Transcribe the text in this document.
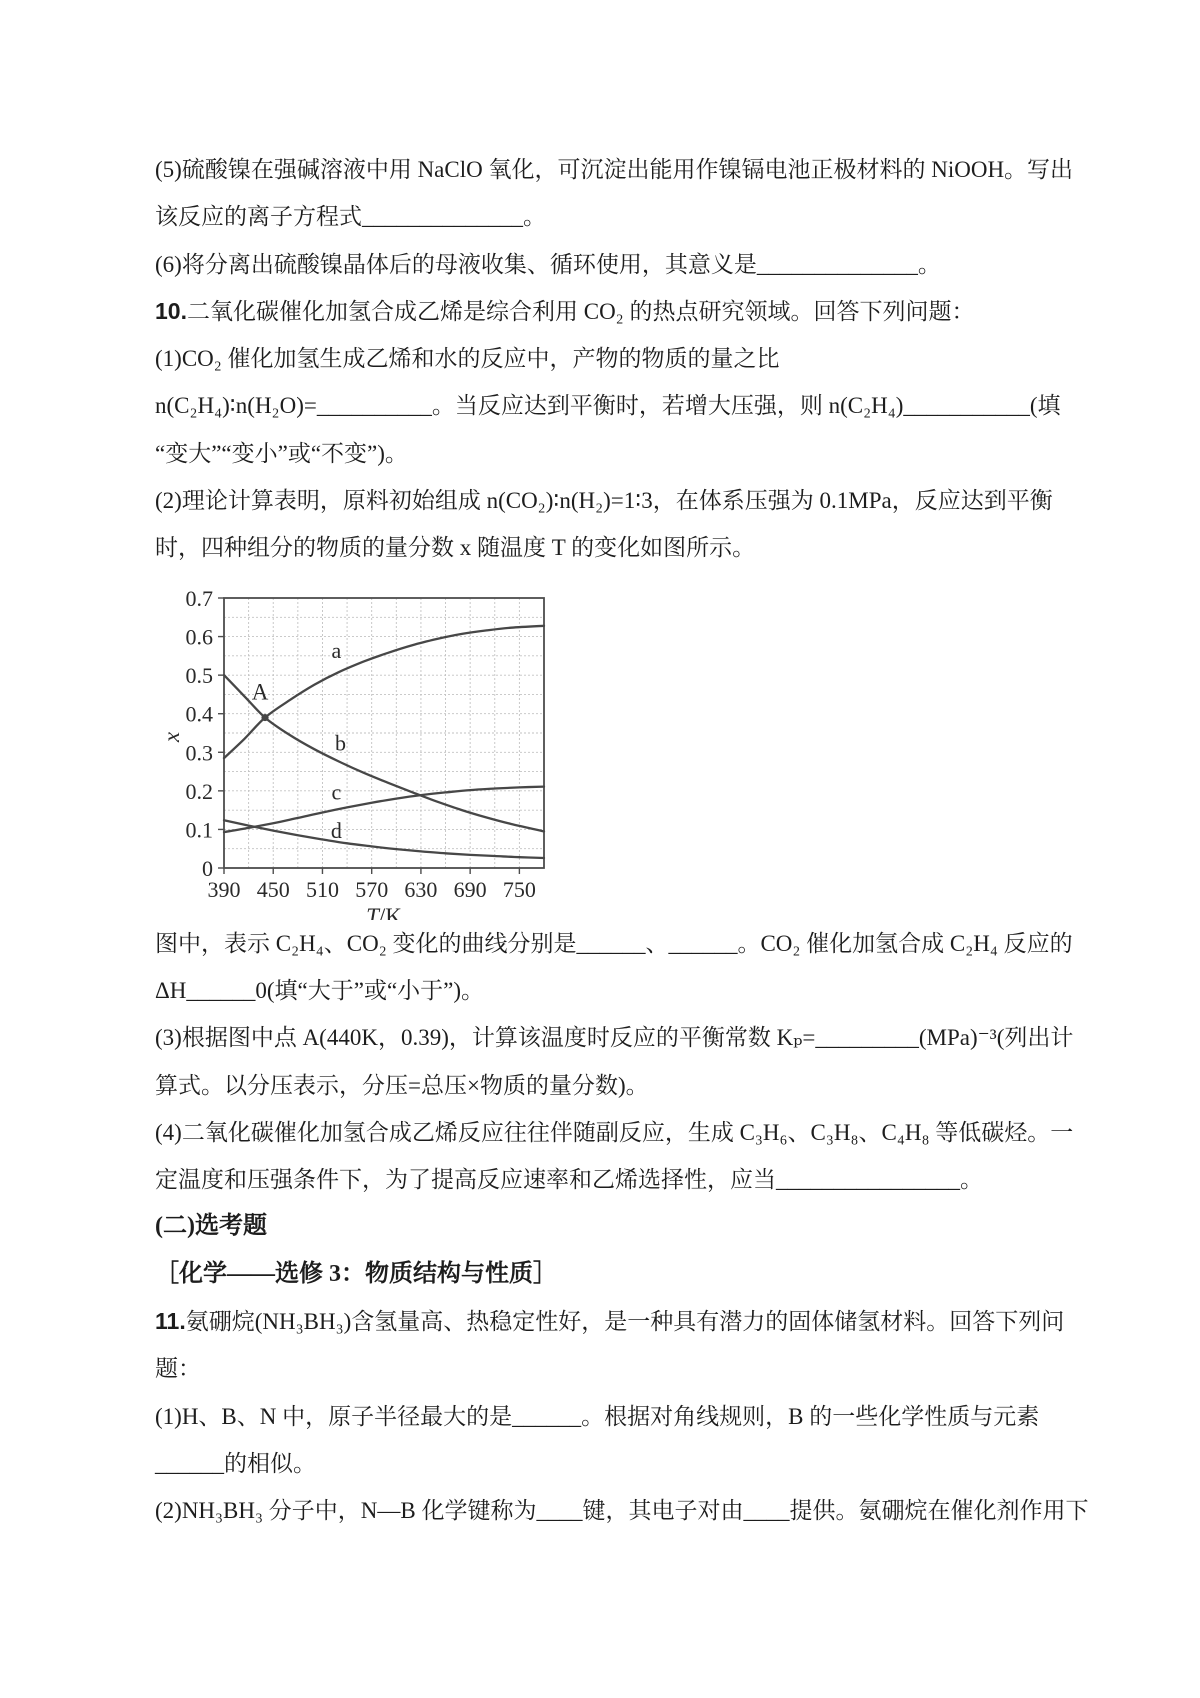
(5)硫酸镍在强碱溶液中用 NaClO 氧化，可沉淀出能用作镍镉电池正极材料的 NiOOH。写出
该反应的离子方程式______________。
(6)将分离出硫酸镍晶体后的母液收集、循环使用，其意义是______________。
10.二氧化碳催化加氢合成乙烯是综合利用 CO₂ 的热点研究领域。回答下列问题：
(1)CO₂ 催化加氢生成乙烯和水的反应中，产物的物质的量之比
n(C₂H₄)∶n(H₂O)=__________。当反应达到平衡时，若增大压强，则 n(C₂H₄)___________(填
“变大”“变小”或“不变”)。
(2)理论计算表明，原料初始组成 n(CO₂)∶n(H₂)=1∶3，在体系压强为 0.1MPa，反应达到平衡
时，四种组分的物质的量分数 x 随温度 T 的变化如图所示。
0
0.1
0.2
0.3
0.4
0.5
0.6
0.7
390 450 510 570 630 690 750
x
T/K
a
b
c
d
A
图中，表示 C₂H₄、CO₂ 变化的曲线分别是______、______。CO₂ 催化加氢合成 C₂H₄ 反应的
ΔH______0(填“大于”或“小于”)。
(3)根据图中点 A(440K，0.39)，计算该温度时反应的平衡常数 Kₚ=_________(MPa)⁻³(列出计
算式。以分压表示，分压=总压×物质的量分数)。
(4)二氧化碳催化加氢合成乙烯反应往往伴随副反应，生成 C₃H₆、C₃H₈、C₄H₈ 等低碳烃。一
定温度和压强条件下，为了提高反应速率和乙烯选择性，应当________________。
(二)选考题
［化学——选修 3：物质结构与性质］
11.氨硼烷(NH₃BH₃)含氢量高、热稳定性好，是一种具有潜力的固体储氢材料。回答下列问
题：
(1)H、B、N 中，原子半径最大的是______。根据对角线规则，B 的一些化学性质与元素
______的相似。
(2)NH₃BH₃ 分子中，N—B 化学键称为____键，其电子对由____提供。氨硼烷在催化剂作用下
